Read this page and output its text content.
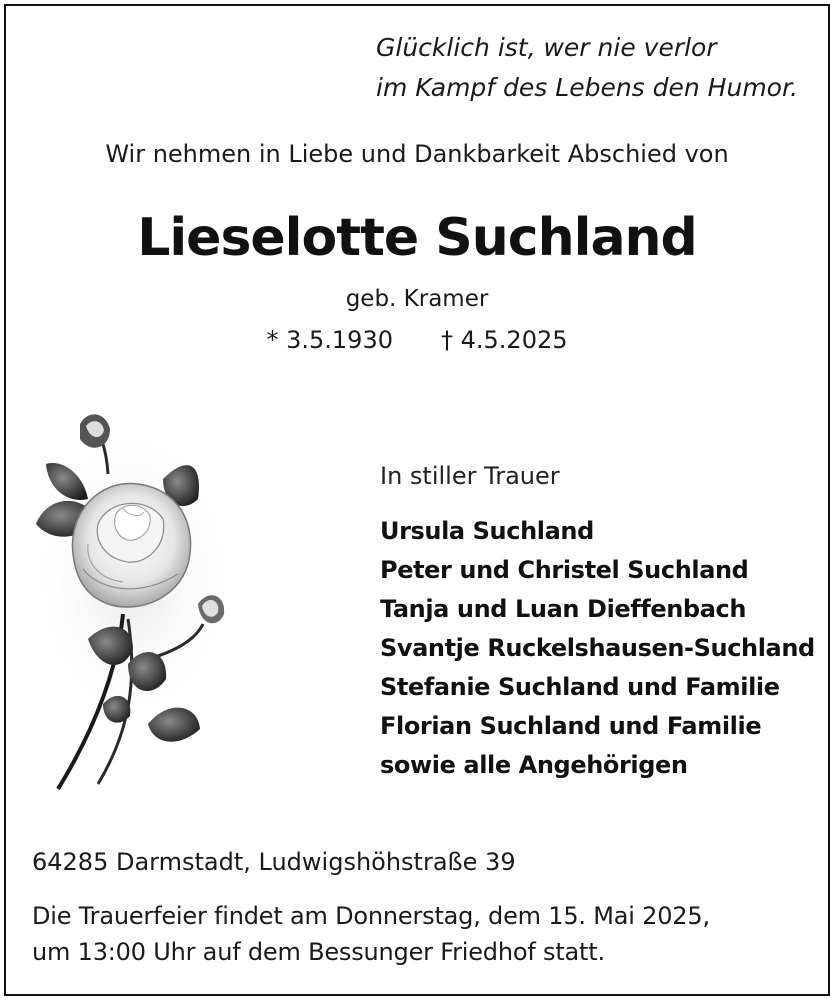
Glücklich ist, wer nie verlor
im Kampf des Lebens den Humor.
Wir nehmen in Liebe und Dankbarkeit Abschied von
Lieselotte Suchland
geb. Kramer
* 3.5.1930 † 4.5.2025
In stiller Trauer
Ursula Suchland
Peter und Christel Suchland
Tanja und Luan Dieffenbach
Svantje Ruckelshausen-Suchland
Stefanie Suchland und Familie
Florian Suchland und Familie
sowie alle Angehörigen
64285 Darmstadt, Ludwigshöhstraße 39
Die Trauerfeier findet am Donnerstag, dem 15. Mai 2025,
um 13:00 Uhr auf dem Bessunger Friedhof statt.
